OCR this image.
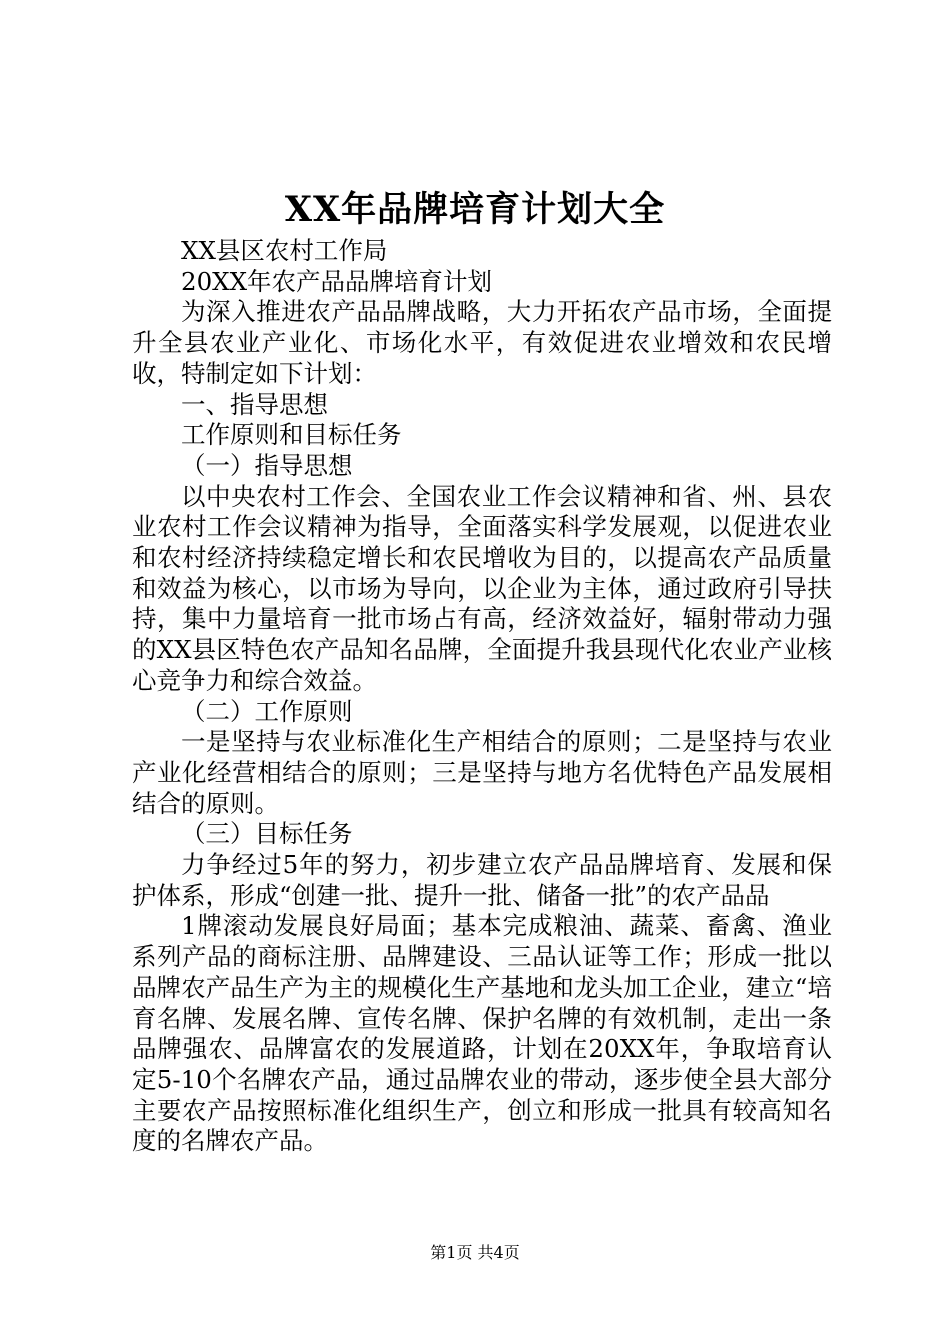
XX年品牌培育计划大全

XX县区农村工作局

20XX年农产品品牌培育计划

为深入推进农产品品牌战略，大力开拓农产品市场，全面提升全县农业产业化、市场化水平，有效促进农业增效和农民增收，特制定如下计划：

一、指导思想

工作原则和目标任务

（一）指导思想

以中央农村工作会、全国农业工作会议精神和省、州、县农业农村工作会议精神为指导，全面落实科学发展观，以促进农业和农村经济持续稳定增长和农民增收为目的，以提高农产品质量和效益为核心，以市场为导向，以企业为主体，通过政府引导扶持，集中力量培育一批市场占有高，经济效益好，辐射带动力强的XX县区特色农产品知名品牌，全面提升我县现代化农业产业核心竞争力和综合效益。

（二）工作原则

一是坚持与农业标准化生产相结合的原则；二是坚持与农业产业化经营相结合的原则；三是坚持与地方名优特色产品发展相结合的原则。

（三）目标任务

力争经过5年的努力，初步建立农产品品牌培育、发展和保护体系，形成“创建一批、提升一批、储备一批”的农产品品

1牌滚动发展良好局面；基本完成粮油、蔬菜、畜禽、渔业系列产品的商标注册、品牌建设、三品认证等工作；形成一批以品牌农产品生产为主的规模化生产基地和龙头加工企业，建立“培育名牌、发展名牌、宣传名牌、保护名牌的有效机制，走出一条品牌强农、品牌富农的发展道路，计划在20XX年，争取培育认定5-10个名牌农产品，通过品牌农业的带动，逐步使全县大部分主要农产品按照标准化组织生产，创立和形成一批具有较高知名度的名牌农产品。

第1页 共4页
